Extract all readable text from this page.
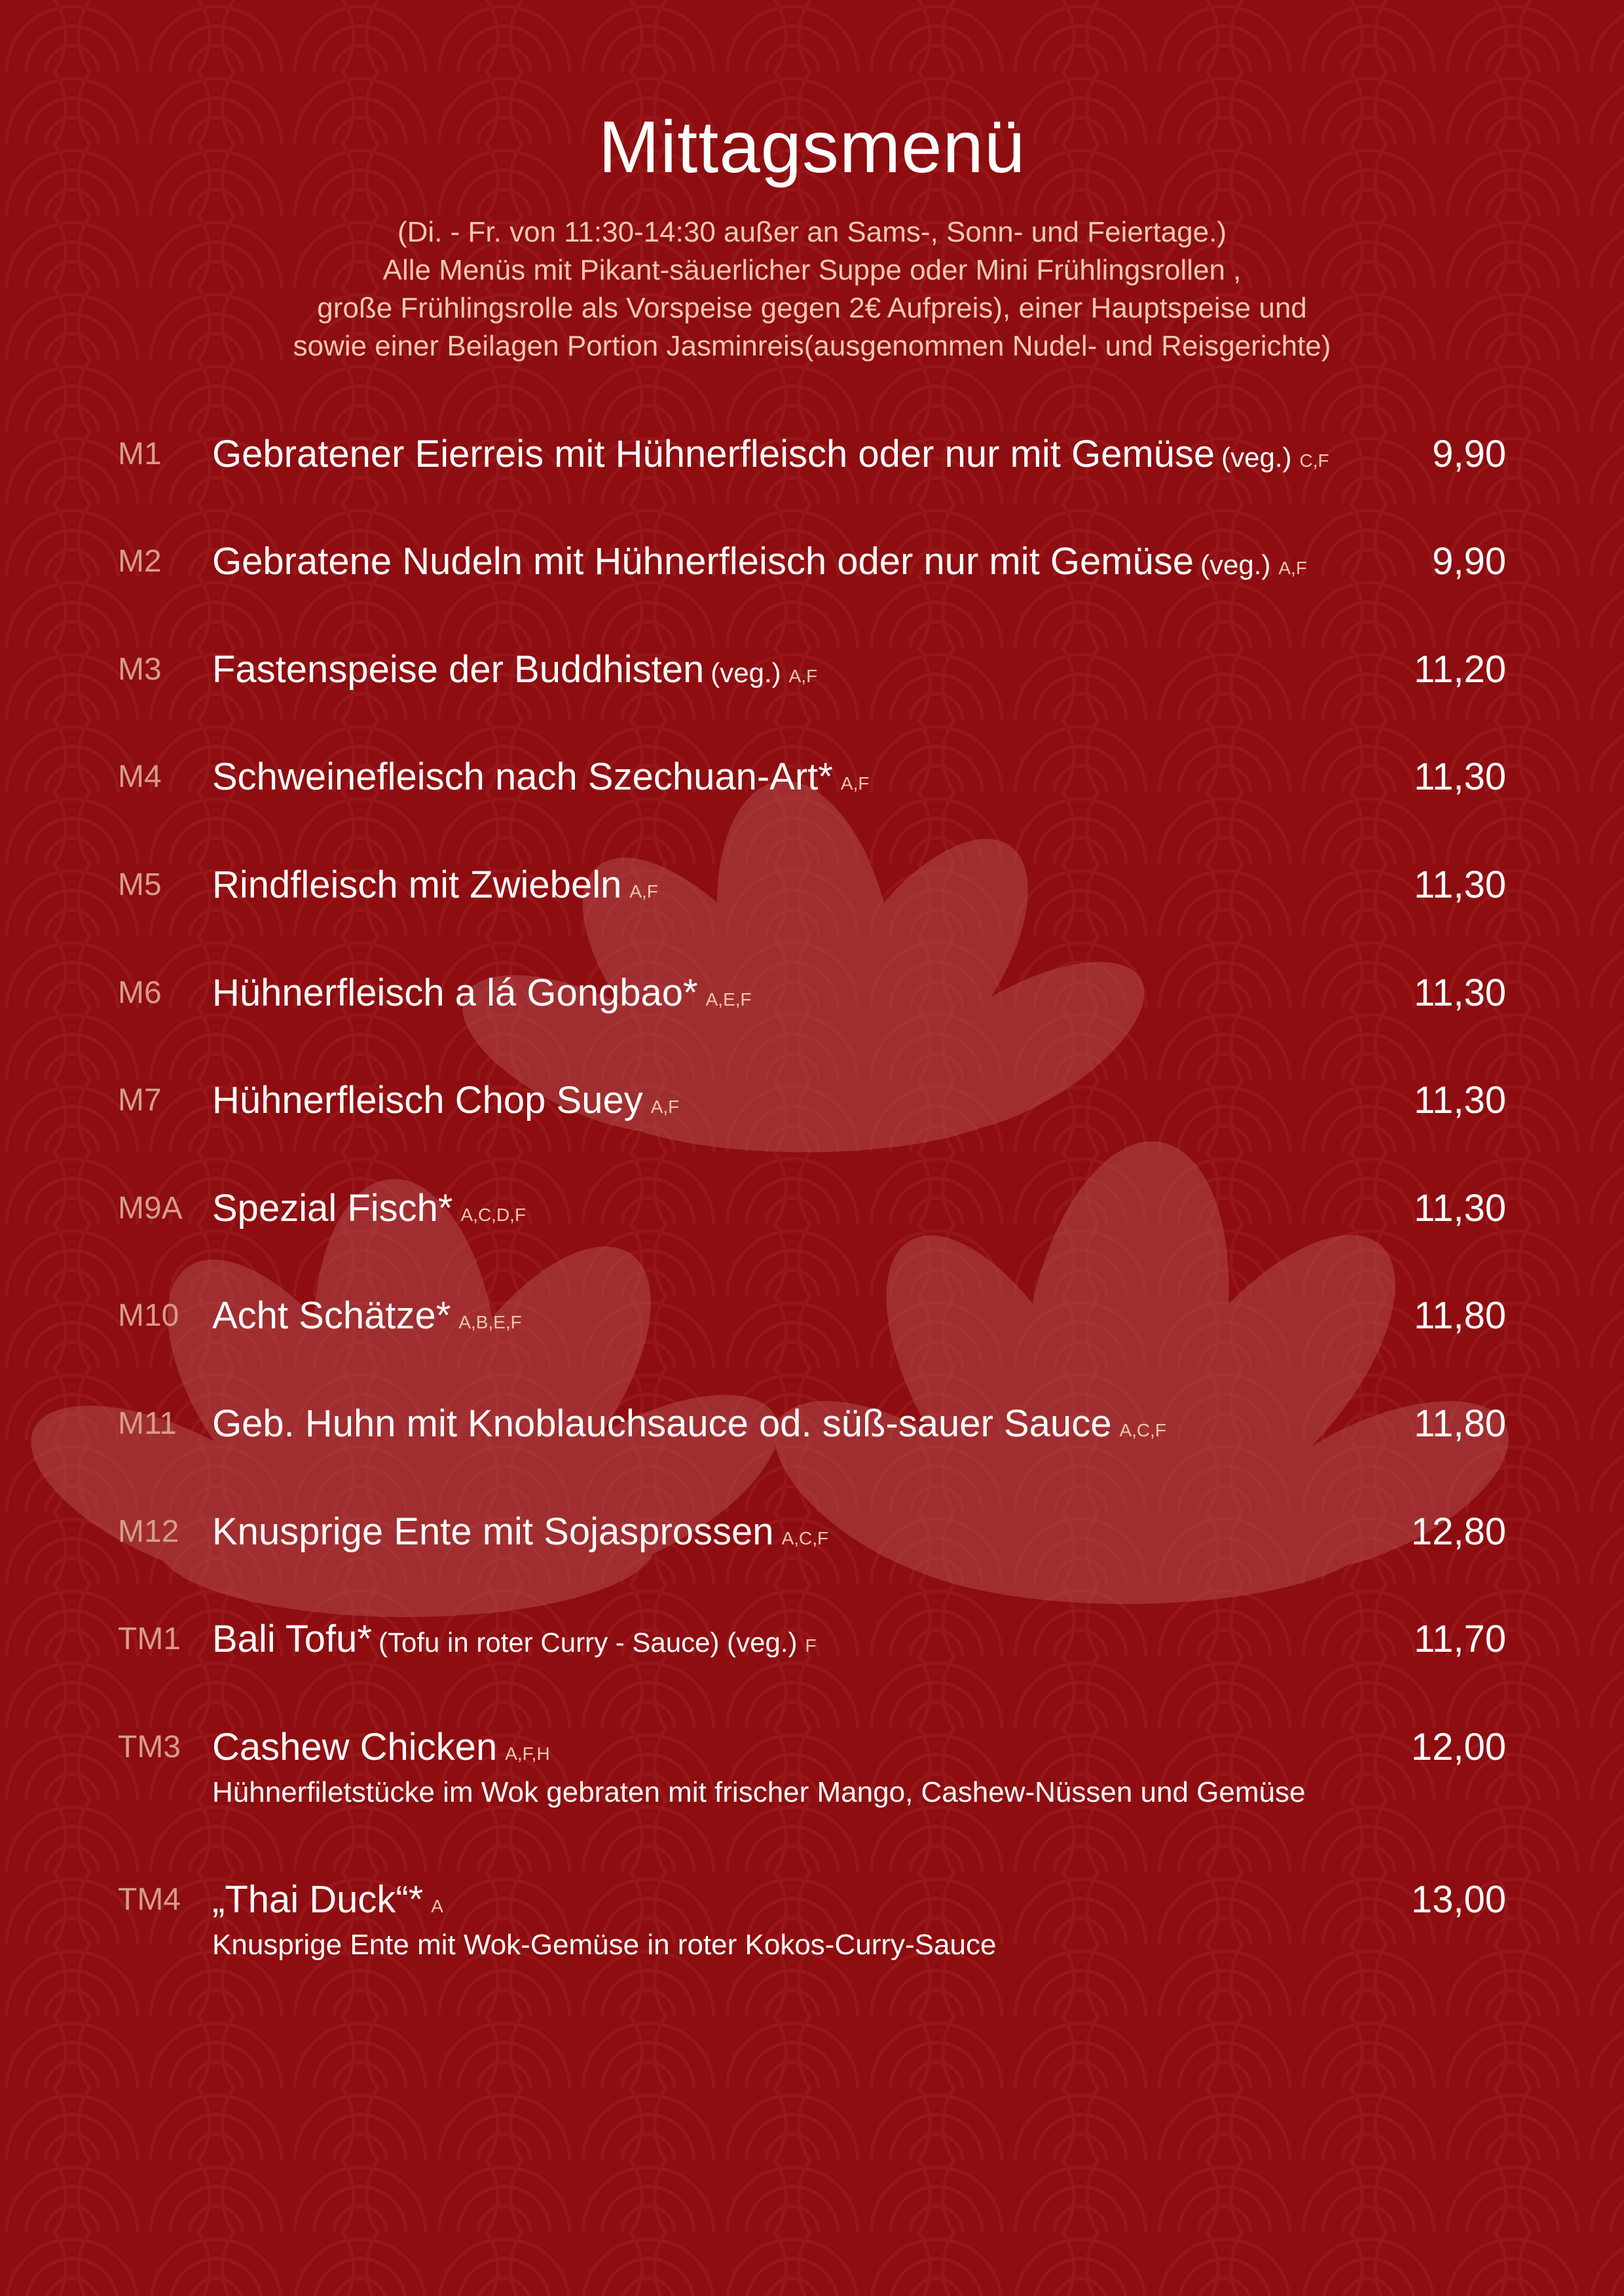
Mittagsmenü
(Di. - Fr. von 11:30-14:30 außer an Sams-, Sonn- und Feiertage.)
Alle Menüs mit Pikant-säuerlicher Suppe oder Mini Frühlingsrollen ,
große Frühlingsrolle als Vorspeise gegen 2€ Aufpreis), einer Hauptspeise und
sowie einer Beilagen Portion Jasminreis(ausgenommen Nudel- und Reisgerichte)
M1 Gebratener Eierreis mit Hühnerfleisch oder nur mit Gemüse (veg.) C,F	9,90
M2 Gebratene Nudeln mit Hühnerfleisch oder nur mit Gemüse (veg.) A,F	9,90
M3 Fastenspeise der Buddhisten (veg.) A,F	11,20
M4 Schweinefleisch nach Szechuan-Art* A,F	11,30
M5 Rindfleisch mit Zwiebeln A,F	11,30
M6 Hühnerfleisch a lá Gongbao* A,E,F	11,30
M7 Hühnerfleisch Chop Suey A,F	11,30
M9A Spezial Fisch* A,C,D,F	11,30
M10 Acht Schätze* A,B,E,F	11,80
M11 Geb. Huhn mit Knoblauchsauce od. süß-sauer Sauce A,C,F	11,80
M12 Knusprige Ente mit Sojasprossen A,C,F	12,80
TM1 Bali Tofu* (Tofu in roter Curry - Sauce) (veg.) F	11,70
TM3 Cashew Chicken A,F,H	12,00
Hühnerfiletstücke im Wok gebraten mit frischer Mango, Cashew-Nüssen und Gemüse
TM4 „Thai Duck“* A	13,00
Knusprige Ente mit Wok-Gemüse in roter Kokos-Curry-Sauce
